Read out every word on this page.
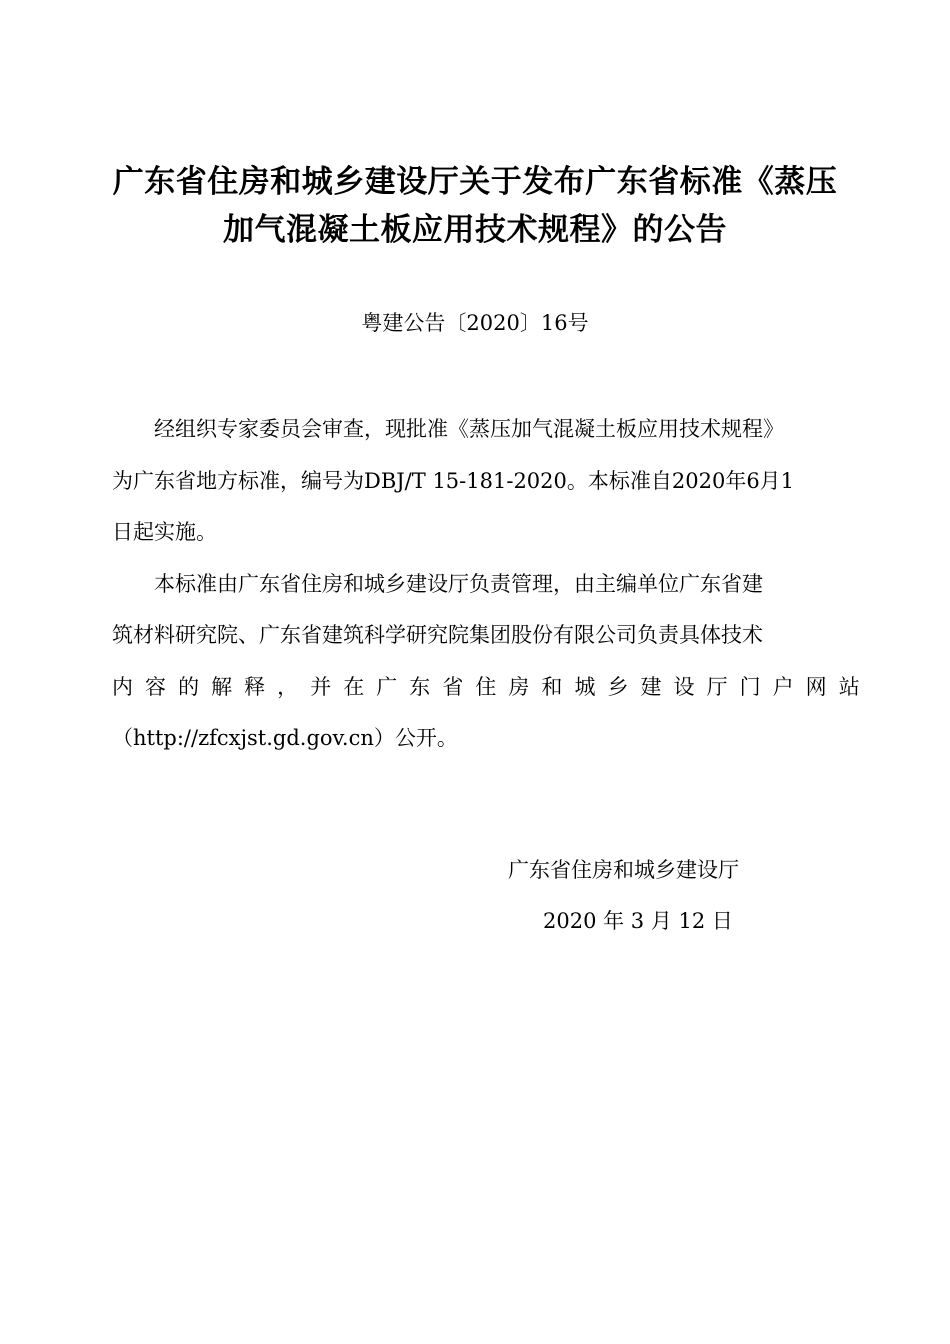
广东省住房和城乡建设厅关于发布广东省标准《蒸压
加气混凝土板应用技术规程》的公告
粤建公告〔2020〕16号
经组织专家委员会审查，现批准《蒸压加气混凝土板应用技术规程》
为广东省地方标准，编号为DBJ/T 15-181-2020。本标准自2020年6月1
日起实施。
本标准由广东省住房和城乡建设厅负责管理，由主编单位广东省建
筑材料研究院、广东省建筑科学研究院集团股份有限公司负责具体技术
内 容 的 解 释 ， 并 在 广 东 省 住 房 和 城 乡 建 设 厅 门 户 网 站
（http://zfcxjst.gd.gov.cn）公开。
广东省住房和城乡建设厅
2020 年 3 月 12 日
